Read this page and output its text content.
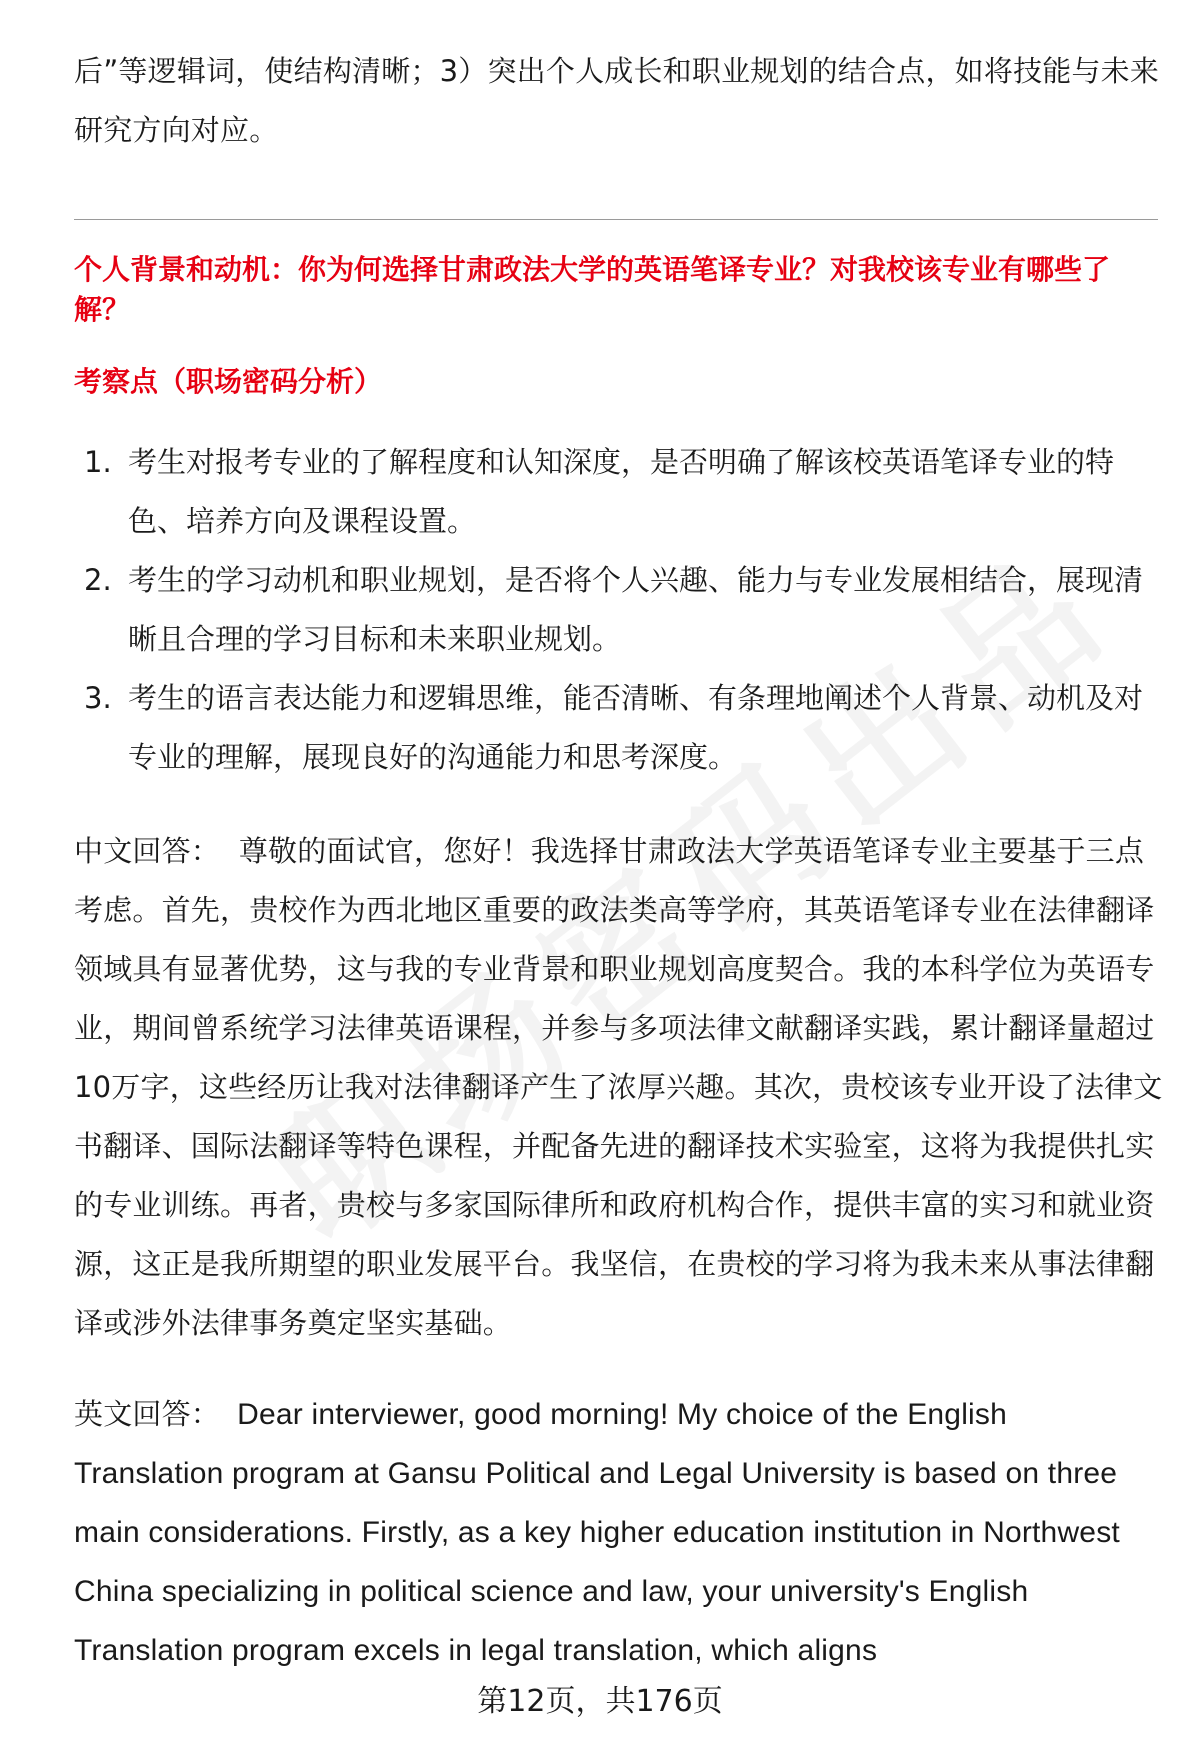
后”等逻辑词，使结构清晰；3）突出个人成长和职业规划的结合点，如将技能与未来研究方向对应。

个人背景和动机：你为何选择甘肃政法大学的英语笔译专业？对我校该专业有哪些了解？

考察点（职场密码分析）

1. 考生对报考专业的了解程度和认知深度，是否明确了解该校英语笔译专业的特色、培养方向及课程设置。
2. 考生的学习动机和职业规划，是否将个人兴趣、能力与专业发展相结合，展现清晰且合理的学习目标和未来职业规划。
3. 考生的语言表达能力和逻辑思维，能否清晰、有条理地阐述个人背景、动机及对专业的理解，展现良好的沟通能力和思考深度。

中文回答： 尊敬的面试官，您好！我选择甘肃政法大学英语笔译专业主要基于三点考虑。首先，贵校作为西北地区重要的政法类高等学府，其英语笔译专业在法律翻译领域具有显著优势，这与我的专业背景和职业规划高度契合。我的本科学位为英语专业，期间曾系统学习法律英语课程，并参与多项法律文献翻译实践，累计翻译量超过10万字，这些经历让我对法律翻译产生了浓厚兴趣。其次，贵校该专业开设了法律文书翻译、国际法翻译等特色课程，并配备先进的翻译技术实验室，这将为我提供扎实的专业训练。再者，贵校与多家国际律所和政府机构合作，提供丰富的实习和就业资源，这正是我所期望的职业发展平台。我坚信，在贵校的学习将为我未来从事法律翻译或涉外法律事务奠定坚实基础。

英文回答： Dear interviewer, good morning! My choice of the English Translation program at Gansu Political and Legal University is based on three main considerations. Firstly, as a key higher education institution in Northwest China specializing in political science and law, your university's English Translation program excels in legal translation, which aligns

第12页，共176页
